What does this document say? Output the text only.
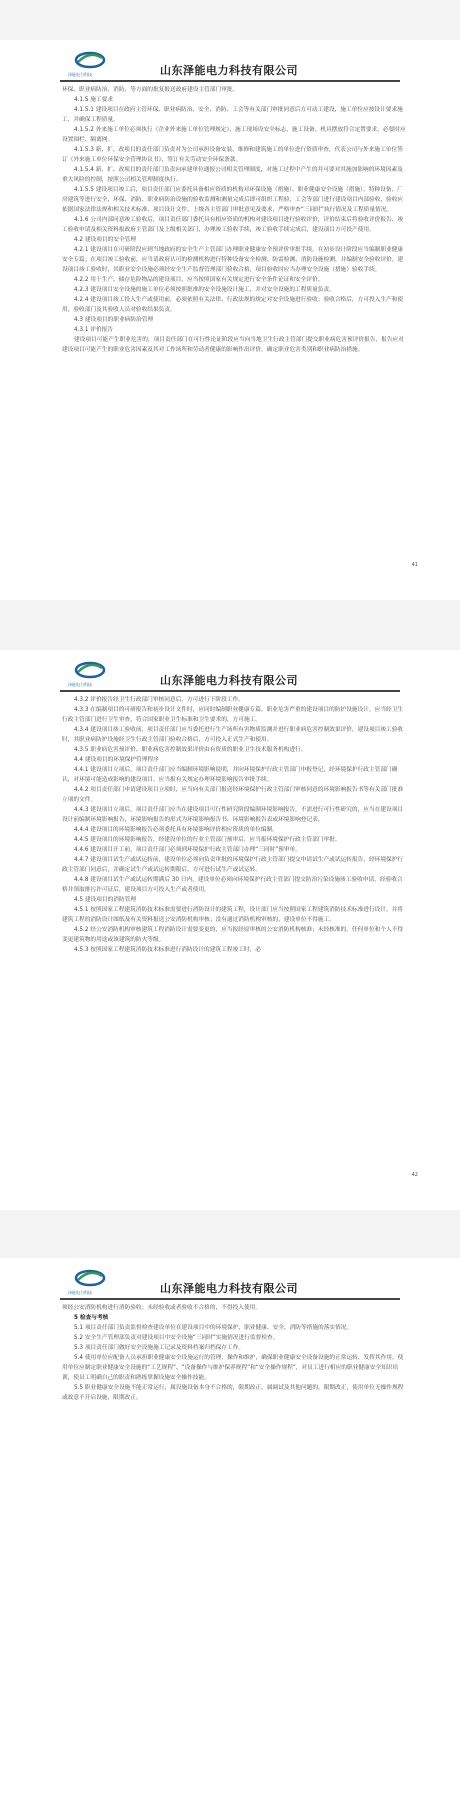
泽能电力科技	山东泽能电力科技有限公司

环保、职业病防治、消防、等方面的批复报送政府建设主管部门审批。

4.1.5 施工要求

4.1.5.1 建设项目在政府主管环保、职业病防治、安全、消防、工会等有关部门审批同意后方可动工建设，施工单位应按设计要求施工，并确保工程质量。

4.1.5.2 外来施工单位必须执行《企业外来施工单位管理规定》，施工现场设安全标志、施工设备、机具摆放符合定置要求，必要时应设置围栏、隔离网。

4.1.5.3 新、扩、改项目的责任部门负责对为公司承担设备安装、维修和建筑施工的单位进行资质审查，代表公司与外来施工单位签订《外来施工单位环保安全管理协议书》，签订有关劳动安全环保条款。

4.1.5.4 新、扩、改项目的责任部门负责向承建单位通报公司相关管理制度，对施工过程中产生的并可要对其施加影响的环境因素及重大风险的控制，按照公司相关管理制度执行。

4.1.5.5 建设项目竣工后，项目责任部门应委托具备相应资质的机构对环保设施（措施）、职业健康安全设施（措施）、特种设备、厂房建筑等进行安全、环保、消防、职业病防治设施的验收监测和测量完成后即可组织工程验，工会等部门进行建设项目内部验收，验收应依据国家法律法规和相关技术标准、项目设计文件、上级各主管部门审批意见及要求，严格审查“三同时”执行情况及工程质量情况。

4.1.6 公司内部同意竣工验收后，项目责任部门委托具有相应资质的机构对建设项目进行验收评价，评价结束后将验收评价报告、竣工验收申请及相关资料报政府主管部门及上级相关部门，办理竣工验收手续，竣工验收手续完成后，建设项目方可投产使用。

4.2 建设项目的安全管理

4.2.1 建设项目在可研阶段应到当地政府的安全生产主管部门办理职业健康安全预评价审批手续，在初步设计阶段应当编制职业健康安全专篇；在项目竣工验收前，应当请政府认可的检测机构进行特种设备安全检测、防雷检测、消防设施检测，并编制安全验收评价，建设项目竣工验收时，其职业安全设施必须经安全生产监督管理部门验收合格，项目验收时应当办理安全设施（措施）验收手续。

4.2.2 用于生产、储存危险物品的建设项目，应当按照国家有关规定进行安全条件论证和安全评价。

4.2.3 建设项目安全设施的施工单位必须按照批准的安全设施设计施工，并对安全设施的工程质量负责。

4.2.4 建设项目竣工投入生产或使用前，必须依照有关法律、行政法规的规定对安全设施进行验收；验收合格后，方可投入生产和使用，验收部门及其验收人员对验收结果负责。

4.3 建设项目的职业病防治管理

4.3.1 评价报告

建设项目可能产生职业危害的，项目责任部门在可行性论证阶段应当向当地卫生行政主管部门提交职业病危害预评价报告，报告应对建设项目可能产生的职业危害因素及其对工作场所和劳动者健康的影响作出评价，确定职业危害类别和职业病防治措施。

41
泽能电力科技	山东泽能电力科技有限公司

4.3.2 评价报告经卫生行政部门审核同意后，方可进行下阶段工作。

4.3.3 在编制项目的可研报告和初步设计文件时，应同时编制职业健康专篇。职业危害严重的建设项目的防护设施设计，应当经卫生行政主管部门进行卫生审查，符合国家职业卫生标准和卫生要求的，方可施工。

4.3.4 建设项目竣工验收前，项目责任部门应当委托进行生产场所有害物质监测并进行职业病危害控制效果评价，建设项目竣工验收时，其职业病防护设施经卫生行政主管部门验收合格后，方可投入正式生产和使用。

4.3.5 职业病危害预评价、职业病危害控制效果评价由有资质的职业卫生技术服务机构进行。

4.4 建设项目的环境保护管理程序

4.4.1 建设项目立项后，项目责任部门应当编制环境影响说明，并向环境保护行政主管部门申报登记，经环境保护行政主管部门确认，对环境可能造成影响的建设项目，应当报有关规定办理环境影响报告审批手续。

4.4.2 项目责任部门申请建设项目立项时，应当向有关部门报送经环境保护行政主管部门审核同意的环境影响报告书等有关部门批准立项的文件。

4.4.3 建设项目立项后，项目责任部门应当在建设项目可行性研究阶段编制环境影响报告，不需进行可行性研究的，应当在建设项目设计前编制环境影响报告，环境影响报告的形式为环境影响报告书、环境影响报告表或环境影响登记表。

4.4.4 建设项目的环境影响报告必须委托具有环境影响评价相应资质的单位编制。

4.4.5 建设项目的环境影响报告，经建设单位的行业主管部门预审后，应当报环境保护行政主管部门审批。

4.4.6 建设项目开工前，项目责任部门必须到环境保护行政主管部门办理“三同时”预审单。

4.4.7 建设项目试生产或试运转前，建设单位必须向负责审批的环境保护行政主管部门提交申请试生产或试运转报告，经环境保护行政主管部门同意后，并确定试生产或试运转期限后，方可进行试生产或试运转。

4.4.8 建设项目试生产或试运转期满后 30 日内，建设单位必须向环境保护行政主管部门提交防治污染设施竣工验收申请，经验收合格并领取排污许可证后，建设项目方可投入生产或者使用。

4.5 建设项目的消防管理

4.5.1 按照国家工程建筑消防技术标准需要进行消防设计的建筑工程，设计部门应当按照国家工程建筑消防技术标准进行设计，并将建筑工程的消防设计图纸及有关资料报送公安消防机构审核；没有通过消防机构审核的，建设单位不得施工。

4.5.2 经公安消防机构审核建筑工程消防设计需要变更的，应当报经原审核的公安消防机构核准；未经核准的，任何单位和个人不得变更建筑物的用途或该建筑的防火等级。

4.5.3 按照国家工程建筑消防技术标准进行消防设计的建筑工程竣工时，必

42
泽能电力科技	山东泽能电力科技有限公司

须经公安消防机构进行消防验收；未经验收或者验收不合格的，不得投入使用。

5 检查与考核

5.1 项目责任部门负责监督检查建设单位在建设项目中的环境保护、职业健康、安全、消防等措施的落实情况。

5.2 安全生产管理部负责对建设项目中安全设施“三同时”实施情况进行监督检查。

5.3 项目责任部门做好安全设施施工记录及资料档案归档保存工作。

5.4 使用单位应配备人员承担职业健康安全设施运行的管理，操作和维护，确保职业健康安全设备设施的正常运转，发挥其作用。使用单位应制定职业健康安全设施的“工艺规程”、“设备操作与维护保养规程”和“安全操作规程”，对员工进行相应的职业健康安全知识培训，使员工明确自己的职责和熟练掌握设施安全操作技能。

5.5 职业健康安全设施不能正常运行，属设施设备本身不合格的，限期改正，属调试及其他问题的，限期改正，使用单位无操作规程或故意不开启设施，限期改正。
